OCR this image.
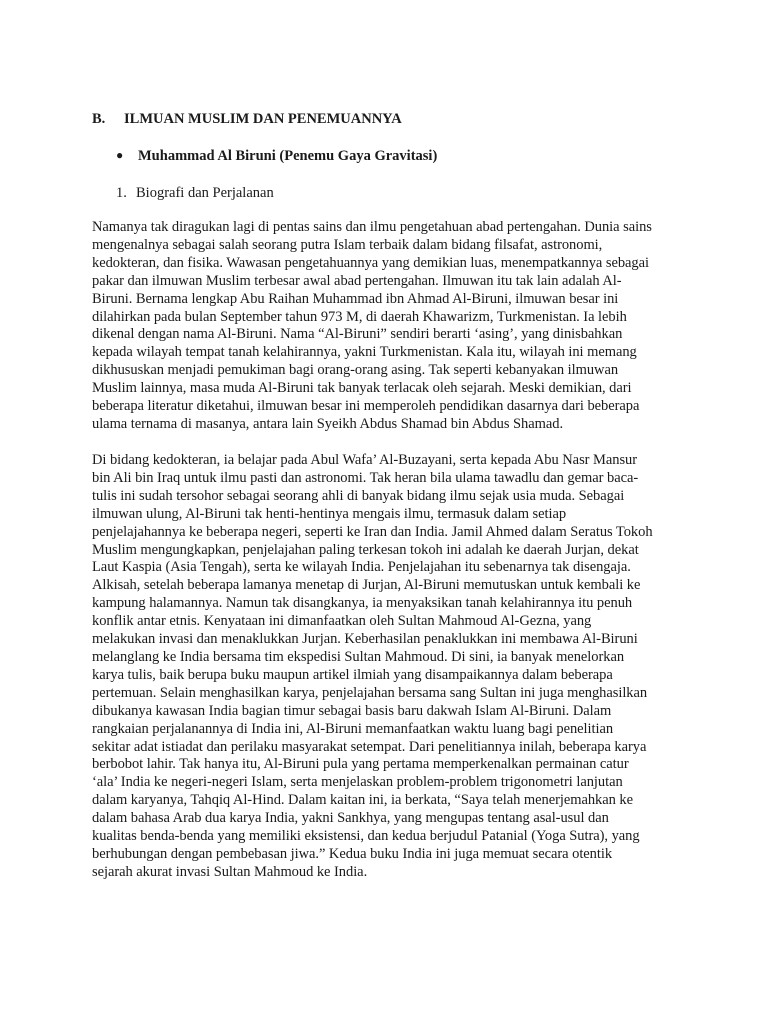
B. ILMUAN MUSLIM DAN PENEMUANNYA
● Muhammad Al Biruni (Penemu Gaya Gravitasi)
1. Biografi dan Perjalanan
Namanya tak diragukan lagi di pentas sains dan ilmu pengetahuan abad pertengahan. Dunia sains
mengenalnya sebagai salah seorang putra Islam terbaik dalam bidang filsafat, astronomi,
kedokteran, dan fisika. Wawasan pengetahuannya yang demikian luas, menempatkannya sebagai
pakar dan ilmuwan Muslim terbesar awal abad pertengahan. Ilmuwan itu tak lain adalah Al-
Biruni. Bernama lengkap Abu Raihan Muhammad ibn Ahmad Al-Biruni, ilmuwan besar ini
dilahirkan pada bulan September tahun 973 M, di daerah Khawarizm, Turkmenistan. Ia lebih
dikenal dengan nama Al-Biruni. Nama “Al-Biruni” sendiri berarti ‘asing’, yang dinisbahkan
kepada wilayah tempat tanah kelahirannya, yakni Turkmenistan. Kala itu, wilayah ini memang
dikhususkan menjadi pemukiman bagi orang-orang asing. Tak seperti kebanyakan ilmuwan
Muslim lainnya, masa muda Al-Biruni tak banyak terlacak oleh sejarah. Meski demikian, dari
beberapa literatur diketahui, ilmuwan besar ini memperoleh pendidikan dasarnya dari beberapa
ulama ternama di masanya, antara lain Syeikh Abdus Shamad bin Abdus Shamad.
Di bidang kedokteran, ia belajar pada Abul Wafa’ Al-Buzayani, serta kepada Abu Nasr Mansur
bin Ali bin Iraq untuk ilmu pasti dan astronomi. Tak heran bila ulama tawadlu dan gemar baca-
tulis ini sudah tersohor sebagai seorang ahli di banyak bidang ilmu sejak usia muda. Sebagai
ilmuwan ulung, Al-Biruni tak henti-hentinya mengais ilmu, termasuk dalam setiap
penjelajahannya ke beberapa negeri, seperti ke Iran dan India. Jamil Ahmed dalam Seratus Tokoh
Muslim mengungkapkan, penjelajahan paling terkesan tokoh ini adalah ke daerah Jurjan, dekat
Laut Kaspia (Asia Tengah), serta ke wilayah India. Penjelajahan itu sebenarnya tak disengaja.
Alkisah, setelah beberapa lamanya menetap di Jurjan, Al-Biruni memutuskan untuk kembali ke
kampung halamannya. Namun tak disangkanya, ia menyaksikan tanah kelahirannya itu penuh
konflik antar etnis. Kenyataan ini dimanfaatkan oleh Sultan Mahmoud Al-Gezna, yang
melakukan invasi dan menaklukkan Jurjan. Keberhasilan penaklukkan ini membawa Al-Biruni
melanglang ke India bersama tim ekspedisi Sultan Mahmoud. Di sini, ia banyak menelorkan
karya tulis, baik berupa buku maupun artikel ilmiah yang disampaikannya dalam beberapa
pertemuan. Selain menghasilkan karya, penjelajahan bersama sang Sultan ini juga menghasilkan
dibukanya kawasan India bagian timur sebagai basis baru dakwah Islam Al-Biruni. Dalam
rangkaian perjalanannya di India ini, Al-Biruni memanfaatkan waktu luang bagi penelitian
sekitar adat istiadat dan perilaku masyarakat setempat. Dari penelitiannya inilah, beberapa karya
berbobot lahir. Tak hanya itu, Al-Biruni pula yang pertama memperkenalkan permainan catur
‘ala’ India ke negeri-negeri Islam, serta menjelaskan problem-problem trigonometri lanjutan
dalam karyanya, Tahqiq Al-Hind. Dalam kaitan ini, ia berkata, “Saya telah menerjemahkan ke
dalam bahasa Arab dua karya India, yakni Sankhya, yang mengupas tentang asal-usul dan
kualitas benda-benda yang memiliki eksistensi, dan kedua berjudul Patanial (Yoga Sutra), yang
berhubungan dengan pembebasan jiwa.” Kedua buku India ini juga memuat secara otentik
sejarah akurat invasi Sultan Mahmoud ke India.
